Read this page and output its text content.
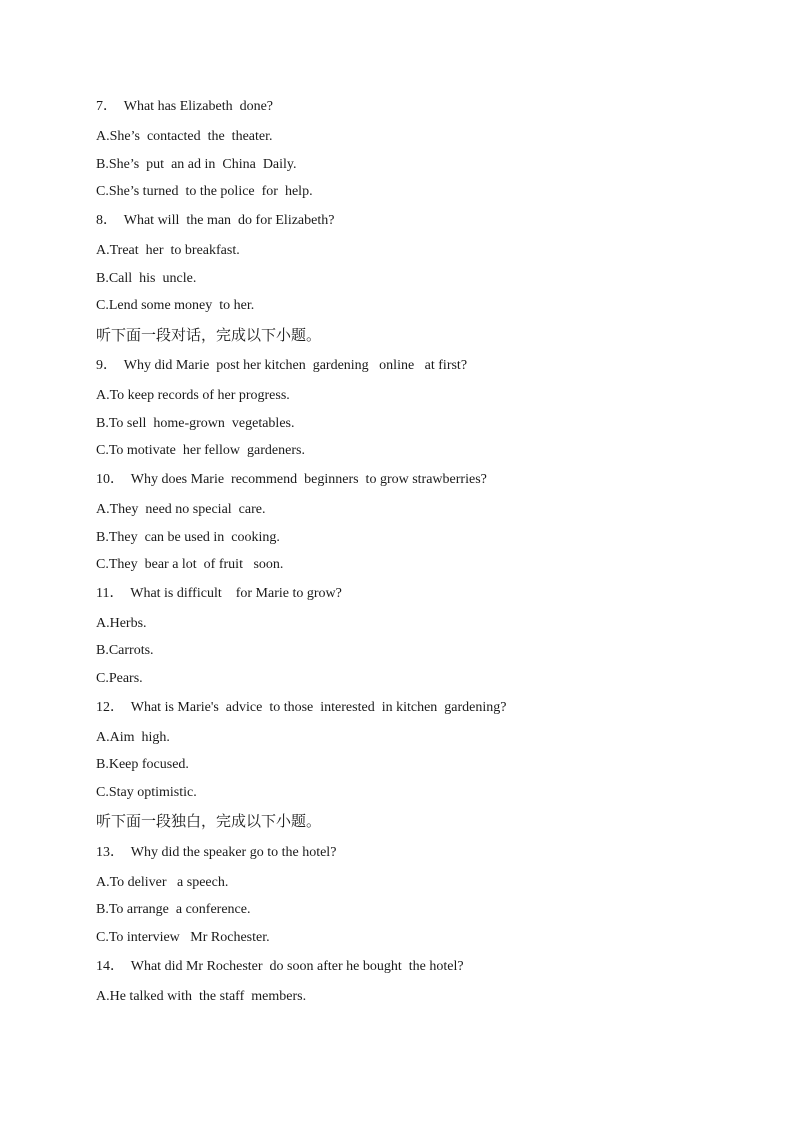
7．  What has Elizabeth  done?
A.She’s  contacted  the  theater.
B.She’s  put  an ad in  China  Daily.
C.She’s turned  to the police  for  help.
8．  What will  the man  do for Elizabeth?
A.Treat  her  to breakfast.
B.Call  his  uncle.
C.Lend some money  to her.
听下面一段对话，完成以下小题。
9．  Why did Marie  post her kitchen  gardening   online   at first?
A.To keep records of her progress.
B.To sell  home-grown  vegetables.
C.To motivate  her fellow  gardeners.
10．  Why does Marie  recommend  beginners  to grow strawberries?
A.They  need no special  care.
B.They  can be used in  cooking.
C.They  bear a lot  of fruit   soon.
11．  What is difficult    for Marie to grow?
A.Herbs.
B.Carrots.
C.Pears.
12．  What is Marie's  advice  to those  interested  in kitchen  gardening?
A.Aim  high.
B.Keep focused.
C.Stay optimistic.
听下面一段独白，完成以下小题。
13．  Why did the speaker go to the hotel?
A.To deliver   a speech.
B.To arrange  a conference.
C.To interview   Mr Rochester.
14．  What did Mr Rochester  do soon after he bought  the hotel?
A.He talked with  the staff  members.
